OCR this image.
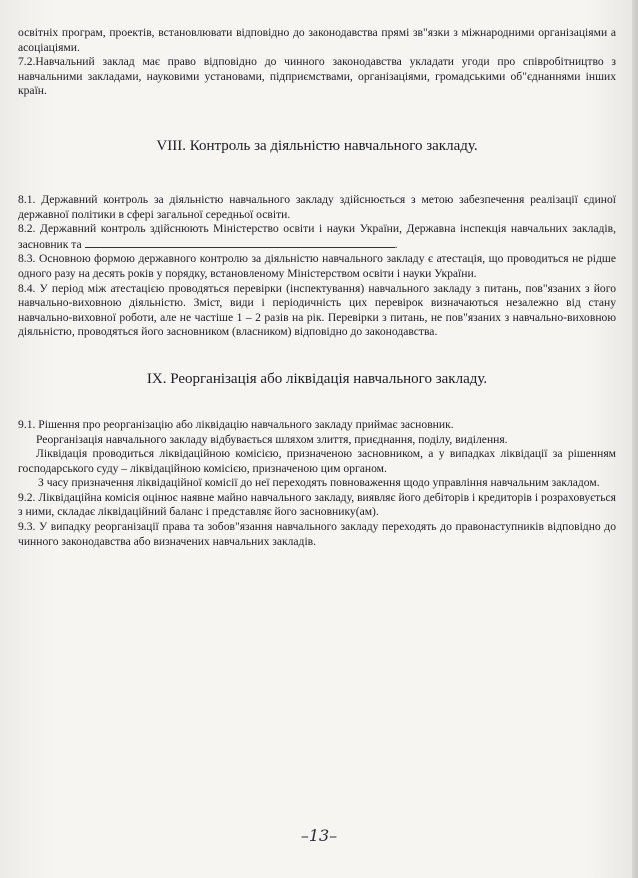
освітніх програм, проектів, встановлювати відповідно до законодавства прямі зв"язки з міжнародними організаціями а асоціаціями.

7.2.Навчальний заклад має право відповідно до чинного законодавства укладати угоди про співробітництво з навчальними закладами, науковими установами, підприємствами, організаціями, громадськими об"єднаннями інших країн.

VIII. Контроль за діяльністю навчального закладу.

8.1. Державний контроль за діяльністю навчального закладу здійснюється з метою забезпечення реалізації єдиної державної політики в сфері загальної середньої освіти.

8.2. Державний контроль здійснюють Міністерство освіти і науки України, Державна інспекція навчальних закладів, засновник та	.

8.3. Основною формою державного контролю за діяльністю навчального закладу є атестація, що проводиться не рідше одного разу на десять років у порядку, встановленому Міністерством освіти і науки України.

8.4. У період між атестацією проводяться перевірки (інспектування) навчального закладу з питань, пов"язаних з його навчально-виховною діяльністю. Зміст, види і періодичність цих перевірок визначаються незалежно від стану навчально-виховної роботи, але не частіше 1 – 2 разів на рік. Перевірки з питань, не пов"язаних з навчально-виховною діяльністю, проводяться його засновником (власником) відповідно до законодавства.

IX. Реорганізація або ліквідація навчального закладу.

9.1. Рішення про реорганізацію або ліквідацію навчального закладу приймає засновник.

Реорганізація навчального закладу відбувається шляхом злиття, приєднання, поділу, виділення.

Ліквідація проводиться ліквідаційною комісією, призначеною засновником, а у випадках ліквідації за рішенням господарського суду – ліквідаційною комісією, призначеною цим органом.

З часу призначення ліквідаційної комісії до неї переходять повноваження щодо управління навчальним закладом.

9.2. Ліквідаційна комісія оцінює наявне майно навчального закладу, виявляє його дебіторів і кредиторів і розраховується з ними, складає ліквідаційний баланс і представляє його засновнику(ам).

9.3. У випадку реорганізації права та зобов"язання навчального закладу переходять до правонаступників відповідно до чинного законодавства або визначених навчальних закладів.

–13–
